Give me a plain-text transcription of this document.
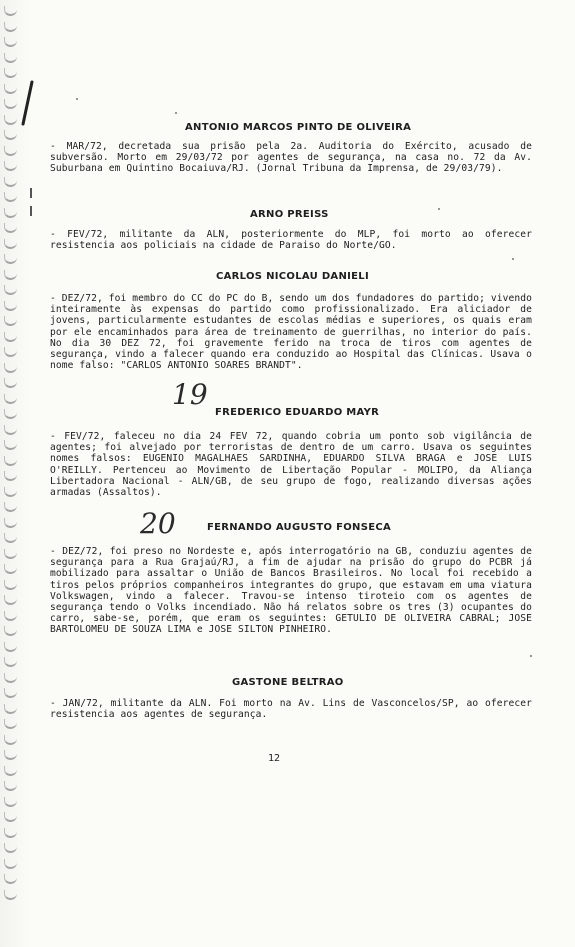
ANTONIO MARCOS PINTO DE OLIVEIRA
- MAR/72, decretada sua prisão pela 2a. Auditoria do Exército, acusado de subversão. Morto em 29/03/72 por agentes de segurança, na casa no. 72 da Av. Suburbana em Quintino Bocaiuva/RJ. (Jornal Tribuna da Imprensa, de 29/03/79).
ARNO PREISS
- FEV/72, militante da ALN, posteriormente do MLP, foi morto ao oferecer resistencia aos policiais na cidade de Paraiso do Norte/GO.
CARLOS NICOLAU DANIELI
- DEZ/72, foi membro do CC do PC do B, sendo um dos fundadores do partido; vivendo inteiramente às expensas do partido como profissionalizado. Era aliciador de jovens, particularmente estudantes de escolas médias e superiores, os quais eram por ele encaminhados para área de treinamento de guerrilhas, no interior do país. No dia 30 DEZ 72, foi gravemente ferido na troca de tiros com agentes de segurança, vindo a falecer quando era conduzido ao Hospital das Clínicas. Usava o nome falso: "CARLOS ANTONIO SOARES BRANDT".
19
FREDERICO EDUARDO MAYR
- FEV/72, faleceu no dia 24 FEV 72, quando cobria um ponto sob vigilância de agentes; foi alvejado por terroristas de dentro de um carro. Usava os seguintes nomes falsos: EUGENIO MAGALHAES SARDINHA, EDUARDO SILVA BRAGA e JOSE LUIS O'REILLY. Pertenceu ao Movimento de Libertação Popular - MOLIPO, da Aliança Libertadora Nacional - ALN/GB, de seu grupo de fogo, realizando diversas ações armadas (Assaltos).
20	FERNANDO AUGUSTO FONSECA
- DEZ/72, foi preso no Nordeste e, após interrogatório na GB, conduziu agentes de segurança para a Rua Grajaú/RJ, a fim de ajudar na prisão do grupo do PCBR já mobilizado para assaltar o União de Bancos Brasileiros. No local foi recebido a tiros pelos próprios companheiros integrantes do grupo, que estavam em uma viatura Volkswagen, vindo a falecer. Travou-se intenso tiroteio com os agentes de segurança tendo o Volks incendiado. Não há relatos sobre os tres (3) ocupantes do carro, sabe-se, porém, que eram os seguintes: GETULIO DE OLIVEIRA CABRAL; JOSE BARTOLOMEU DE SOUZA LIMA e JOSE SILTON PINHEIRO.
GASTONE BELTRAO
- JAN/72, militante da ALN. Foi morto na Av. Lins de Vasconcelos/SP, ao oferecer resistencia aos agentes de segurança.
12
